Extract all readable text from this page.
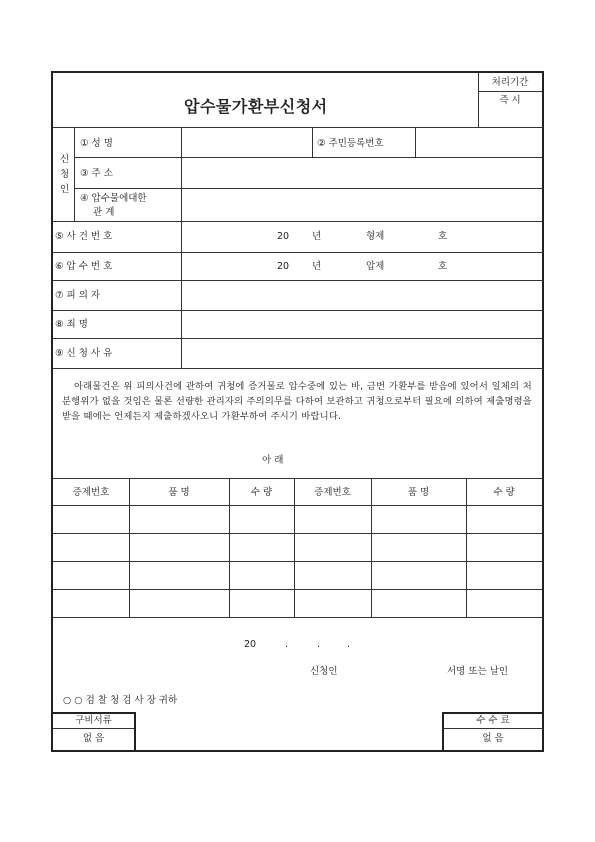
압수물가환부신청서
처리기간
즉 시
신
청
인
① 성 명	② 주민등록번호
③ 주 소
④ 압수물에대한
관 계
⑤ 사 건 번 호	20 년	형제	호
⑥ 압 수 번 호	20 년	압제	호
⑦ 피 의 자
⑧ 죄 명
⑨ 신 청 사 유
아래물건은 위 피의사건에 관하여 귀청에 증거물로 압수중에 있는 바, 금번 가환부를 받음에 있어서 일체의 처분행위가 없을 것임은 물론 선량한 관리자의 주의의무를 다하여 보관하고 귀청으로부터 필요에 의하여 제출명령을 받을 때에는 언제든지 제출하겠사오니 가환부하여 주시기 바랍니다.
아 래
증제번호	품 명	수 량	증제번호	품 명	수 량
20	.	.	.
신청인	서명 또는 날인
○ ○ 검 찰 청 검 사 장 귀하
구비서류
없 음
수 수 료
없 음
